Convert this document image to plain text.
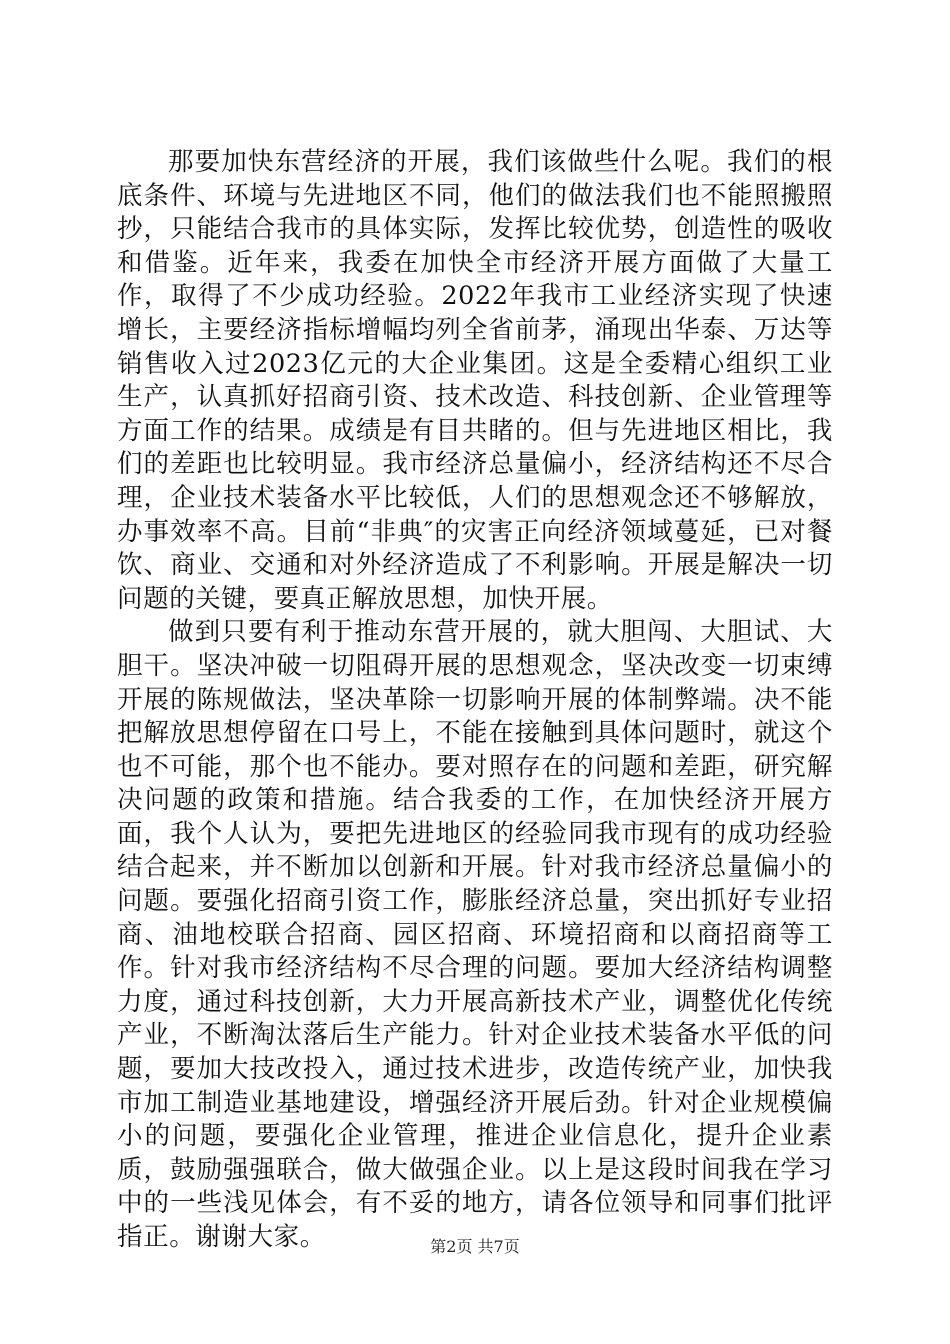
那要加快东营经济的开展，我们该做些什么呢。我们的根底条件、环境与先进地区不同，他们的做法我们也不能照搬照抄，只能结合我市的具体实际，发挥比较优势，创造性的吸收和借鉴。近年来，我委在加快全市经济开展方面做了大量工作，取得了不少成功经验。2022年我市工业经济实现了快速增长，主要经济指标增幅均列全省前茅，涌现出华泰、万达等销售收入过2023亿元的大企业集团。这是全委精心组织工业生产，认真抓好招商引资、技术改造、科技创新、企业管理等方面工作的结果。成绩是有目共睹的。但与先进地区相比，我们的差距也比较明显。我市经济总量偏小，经济结构还不尽合理，企业技术装备水平比较低，人们的思想观念还不够解放，办事效率不高。目前“非典″的灾害正向经济领域蔓延，已对餐饮、商业、交通和对外经济造成了不利影响。开展是解决一切问题的关键，要真正解放思想，加快开展。

做到只要有利于推动东营开展的，就大胆闯、大胆试、大胆干。坚决冲破一切阻碍开展的思想观念，坚决改变一切束缚开展的陈规做法，坚决革除一切影响开展的体制弊端。决不能把解放思想停留在口号上，不能在接触到具体问题时，就这个也不可能，那个也不能办。要对照存在的问题和差距，研究解决问题的政策和措施。结合我委的工作，在加快经济开展方面，我个人认为，要把先进地区的经验同我市现有的成功经验结合起来，并不断加以创新和开展。针对我市经济总量偏小的问题。要强化招商引资工作，膨胀经济总量，突出抓好专业招商、油地校联合招商、园区招商、环境招商和以商招商等工作。针对我市经济结构不尽合理的问题。要加大经济结构调整力度，通过科技创新，大力开展高新技术产业，调整优化传统产业，不断淘汰落后生产能力。针对企业技术装备水平低的问题，要加大技改投入，通过技术进步，改造传统产业，加快我市加工制造业基地建设，增强经济开展后劲。针对企业规模偏小的问题，要强化企业管理，推进企业信息化，提升企业素质，鼓励强强联合，做大做强企业。以上是这段时间我在学习中的一些浅见体会，有不妥的地方，请各位领导和同事们批评指正。谢谢大家。	第2页 共7页
